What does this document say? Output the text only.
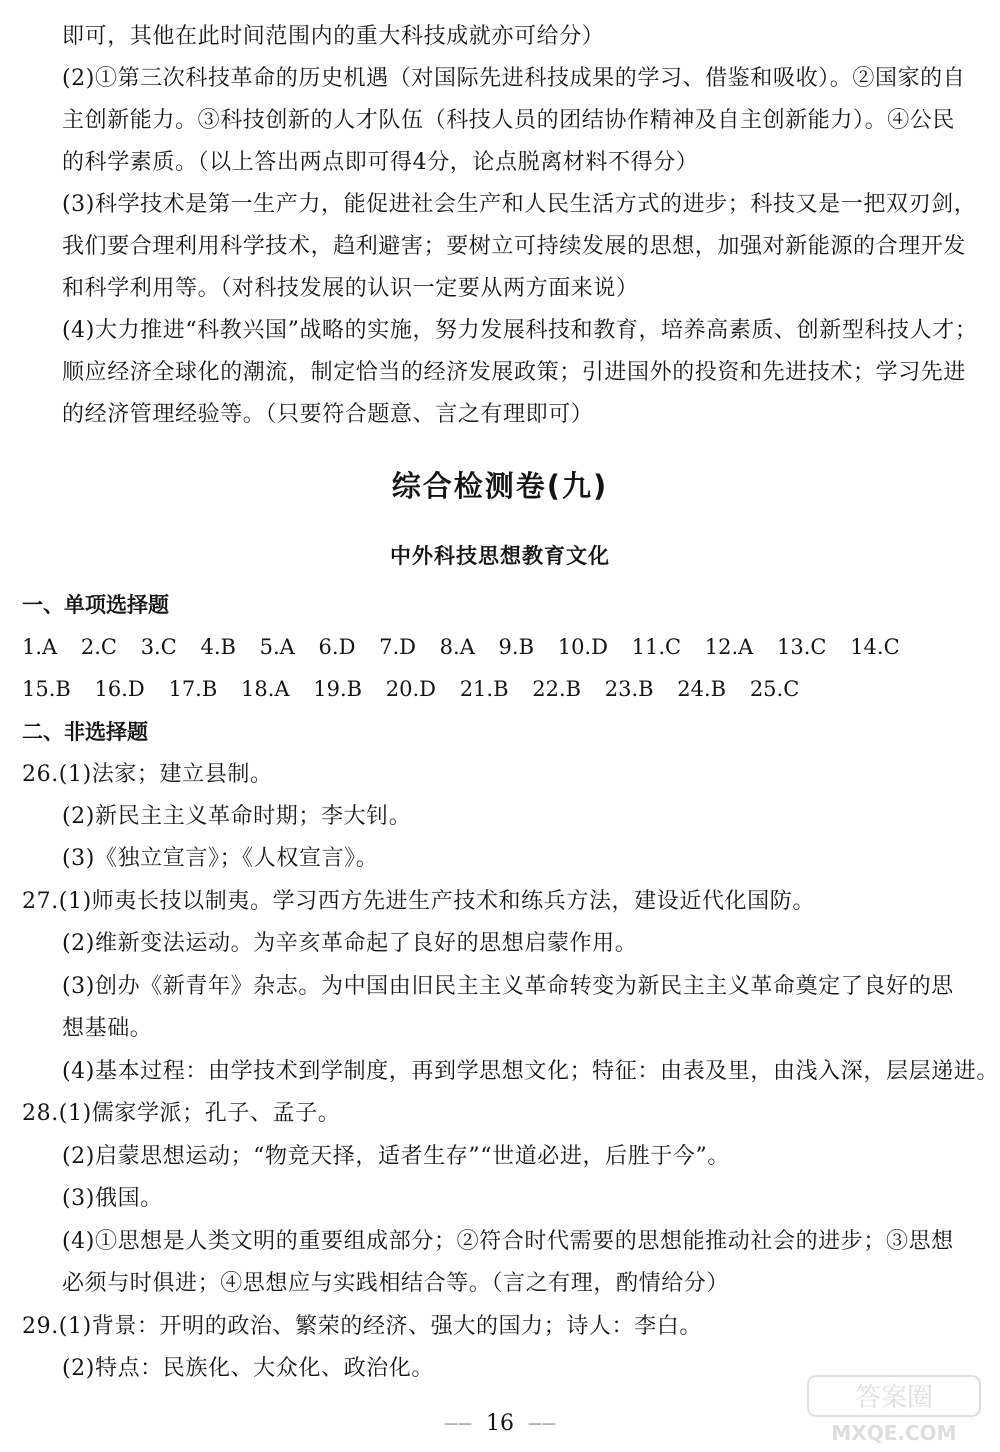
即可，其他在此时间范围内的重大科技成就亦可给分）
(2)①第三次科技革命的历史机遇（对国际先进科技成果的学习、借鉴和吸收）。②国家的自
主创新能力。③科技创新的人才队伍（科技人员的团结协作精神及自主创新能力）。④公民
的科学素质。（以上答出两点即可得4分，论点脱离材料不得分）
(3)科学技术是第一生产力，能促进社会生产和人民生活方式的进步；科技又是一把双刃剑，
我们要合理利用科学技术，趋利避害；要树立可持续发展的思想，加强对新能源的合理开发
和科学利用等。（对科技发展的认识一定要从两方面来说）
(4)大力推进“科教兴国”战略的实施，努力发展科技和教育，培养高素质、创新型科技人才；
顺应经济全球化的潮流，制定恰当的经济发展政策；引进国外的投资和先进技术；学习先进
的经济管理经验等。（只要符合题意、言之有理即可）
综合检测卷(九)
中外科技思想教育文化
一、单项选择题
1.A 2.C 3.C 4.B 5.A 6.D 7.D 8.A 9.B 10.D 11.C 12.A 13.C 14.C
15.B 16.D 17.B 18.A 19.B 20.D 21.B 22.B 23.B 24.B 25.C
二、非选择题
26.(1)法家；建立县制。
(2)新民主主义革命时期；李大钊。
(3)《独立宣言》；《人权宣言》。
27.(1)师夷长技以制夷。学习西方先进生产技术和练兵方法，建设近代化国防。
(2)维新变法运动。为辛亥革命起了良好的思想启蒙作用。
(3)创办《新青年》杂志。为中国由旧民主主义革命转变为新民主主义革命奠定了良好的思
想基础。
(4)基本过程：由学技术到学制度，再到学思想文化；特征：由表及里，由浅入深，层层递进。
28.(1)儒家学派；孔子、孟子。
(2)启蒙思想运动；“物竞天择，适者生存”“世道必进，后胜于今”。
(3)俄国。
(4)①思想是人类文明的重要组成部分；②符合时代需要的思想能推动社会的进步；③思想
必须与时俱进；④思想应与实践相结合等。（言之有理，酌情给分）
29.(1)背景：开明的政治、繁荣的经济、强大的国力；诗人：李白。
(2)特点：民族化、大众化、政治化。
—— 16 ——
答案圈
MXQE.COM
